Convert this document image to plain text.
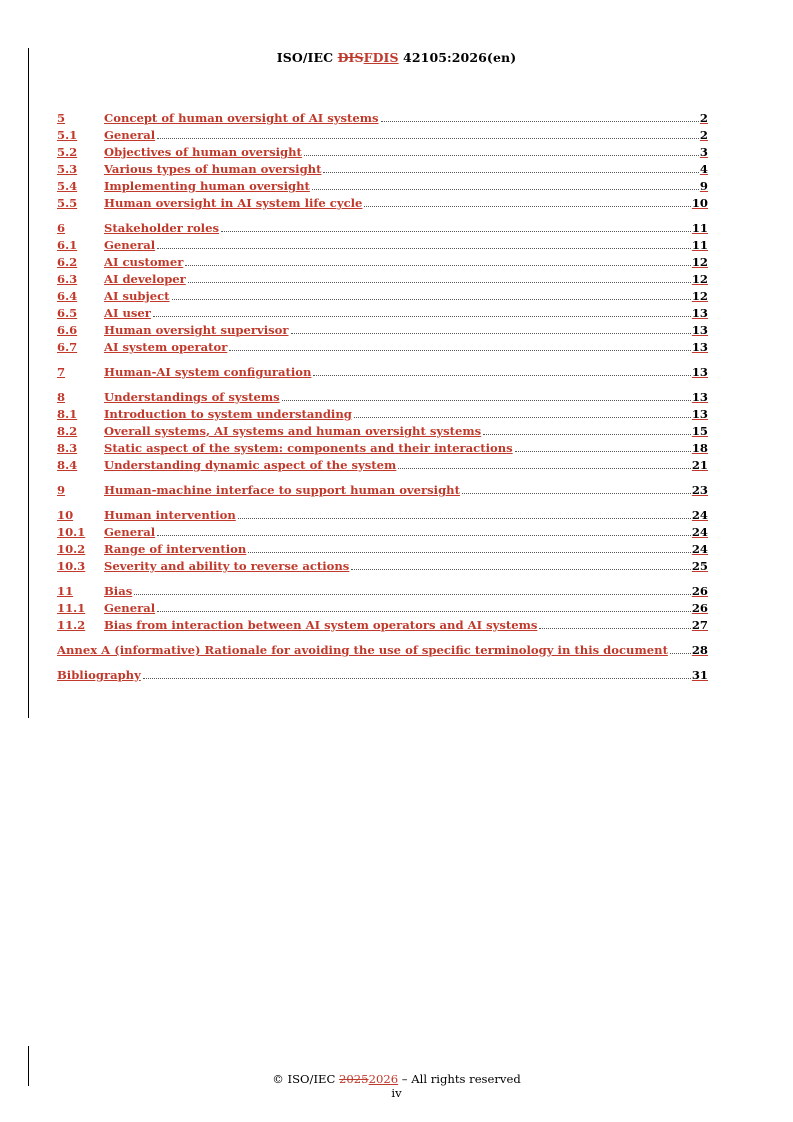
ISO/IEC DISFDIS 42105:2026(en)
5	Concept of human oversight of AI systems	2
5.1	General	2
5.2	Objectives of human oversight	3
5.3	Various types of human oversight	4
5.4	Implementing human oversight	9
5.5	Human oversight in AI system life cycle	10
6	Stakeholder roles	11
6.1	General	11
6.2	AI customer	12
6.3	AI developer	12
6.4	AI subject	12
6.5	AI user	13
6.6	Human oversight supervisor	13
6.7	AI system operator	13
7	Human-AI system configuration	13
8	Understandings of systems	13
8.1	Introduction to system understanding	13
8.2	Overall systems, AI systems and human oversight systems	15
8.3	Static aspect of the system: components and their interactions	18
8.4	Understanding dynamic aspect of the system	21
9	Human-machine interface to support human oversight	23
10	Human intervention	24
10.1	General	24
10.2	Range of intervention	24
10.3	Severity and ability to reverse actions	25
11	Bias	26
11.1	General	26
11.2	Bias from interaction between AI system operators and AI systems	27
Annex A (informative) Rationale for avoiding the use of specific terminology in this document 28
Bibliography	31
© ISO/IEC 20252026 – All rights reserved
iv
